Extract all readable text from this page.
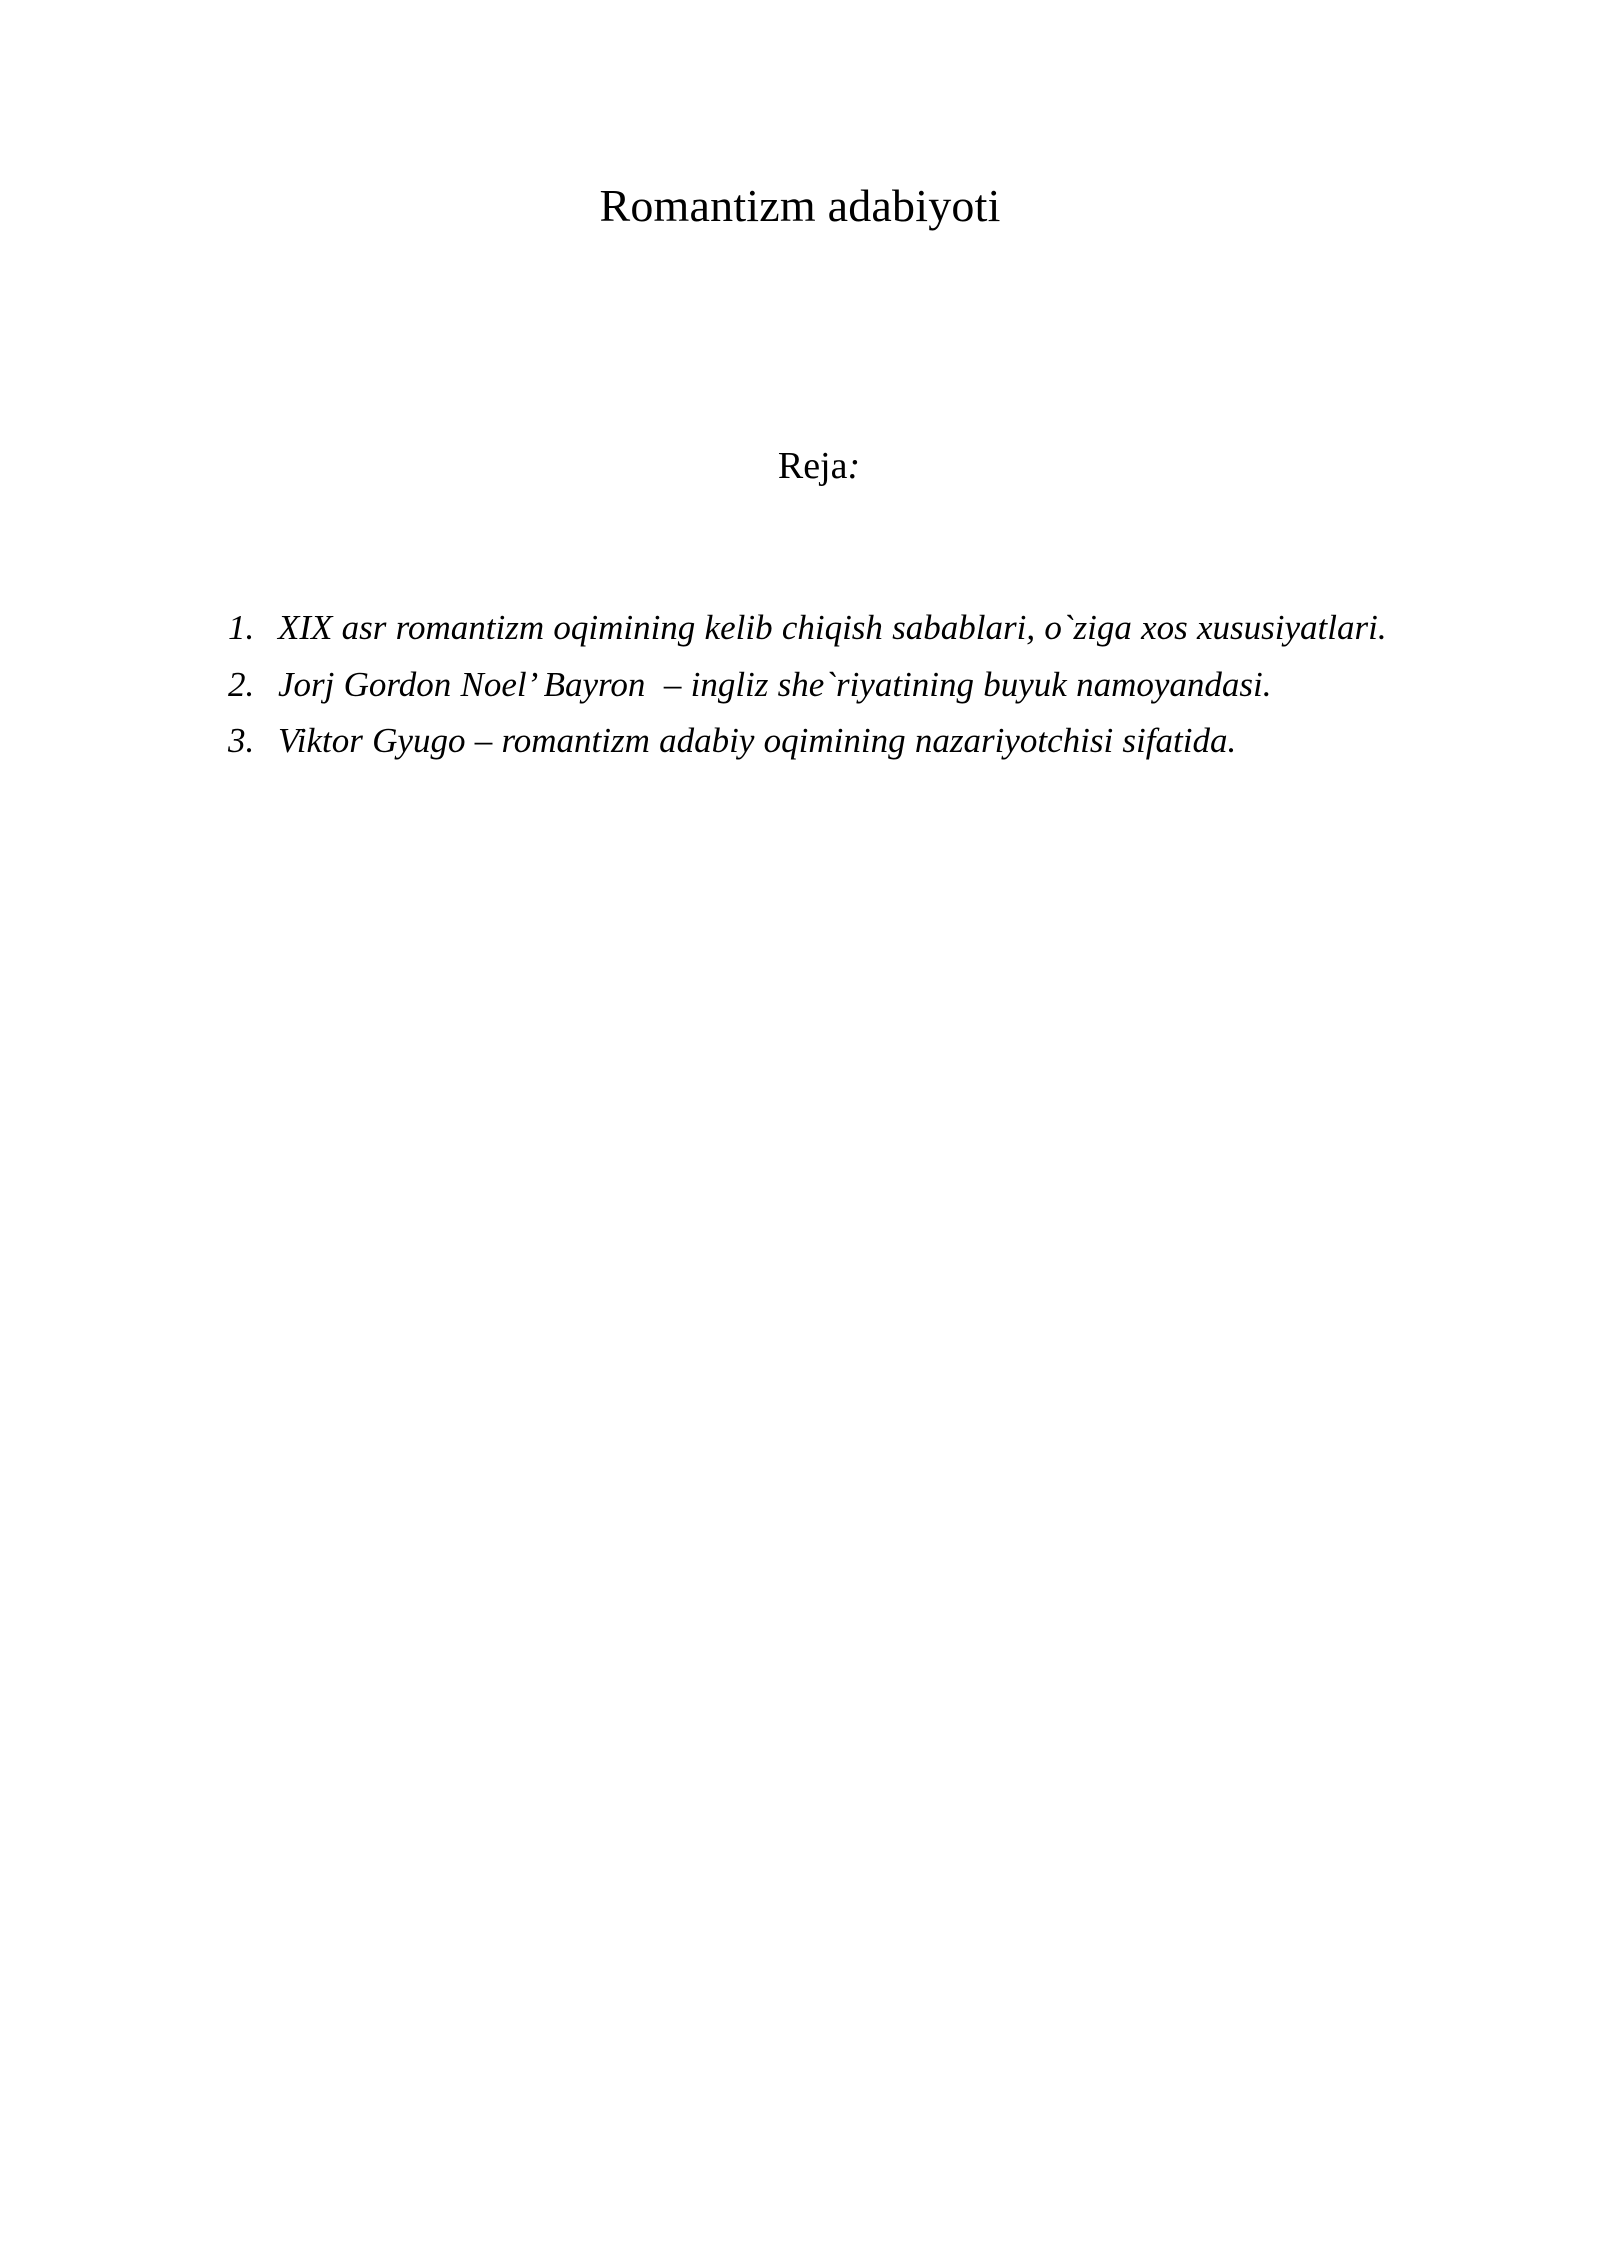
Romantizm adabiyoti

Reja:

1. XIX asr romantizm oqimining kelib chiqish sabablari, o`ziga xos xususiyatlari.
2. Jorj Gordon Noel’ Bayron  – ingliz she`riyatining buyuk namoyandasi.
3. Viktor Gyugo – romantizm adabiy oqimining nazariyotchisi sifatida.
